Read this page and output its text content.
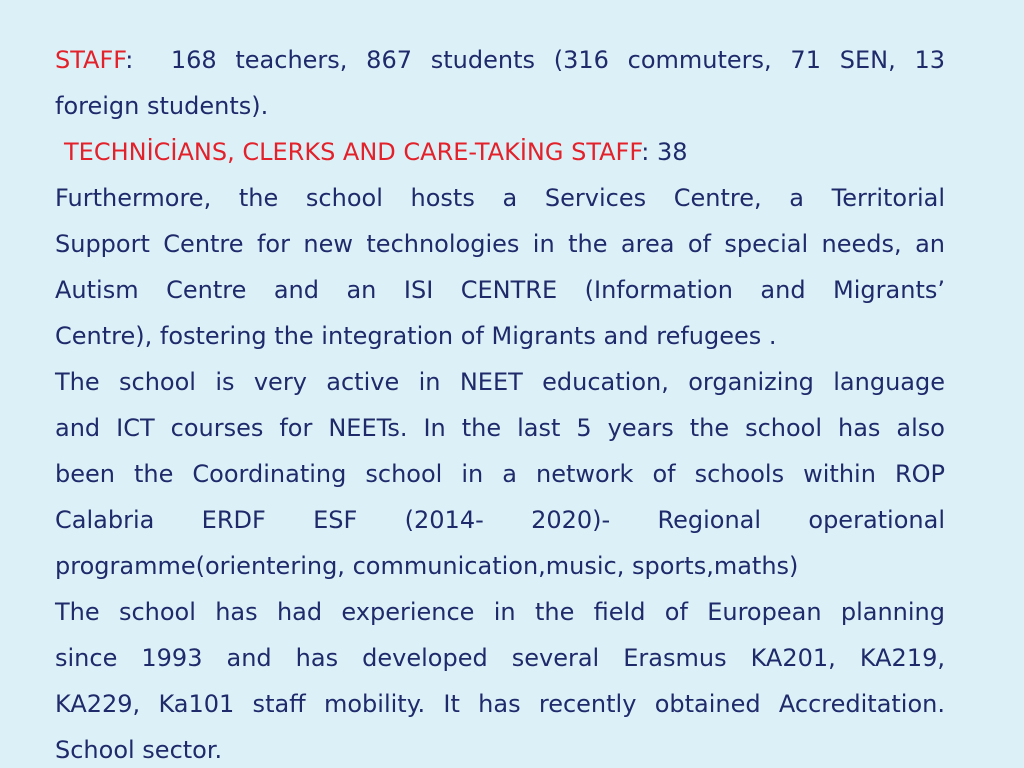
STAFF: 168 teachers, 867 students (316 commuters, 71 SEN, 13
foreign students).
TECHNİCİANS, CLERKS AND CARE-TAKİNG STAFF: 38
Furthermore, the school hosts a Services Centre, a Territorial
Support Centre for new technologies in the area of special needs, an
Autism Centre and an ISI CENTRE (Information and Migrants’
Centre), fostering the integration of Migrants and refugees .
The school is very active in NEET education, organizing language
and ICT courses for NEETs. In the last 5 years the school has also
been the Coordinating school in a network of schools within ROP
Calabria ERDF ESF (2014- 2020)- Regional operational
programme(orientering, communication,music, sports,maths)
The school has had experience in the field of European planning
since 1993 and has developed several Erasmus KA201, KA219,
KA229, Ka101 staff mobility. It has recently obtained Accreditation.
School sector.
